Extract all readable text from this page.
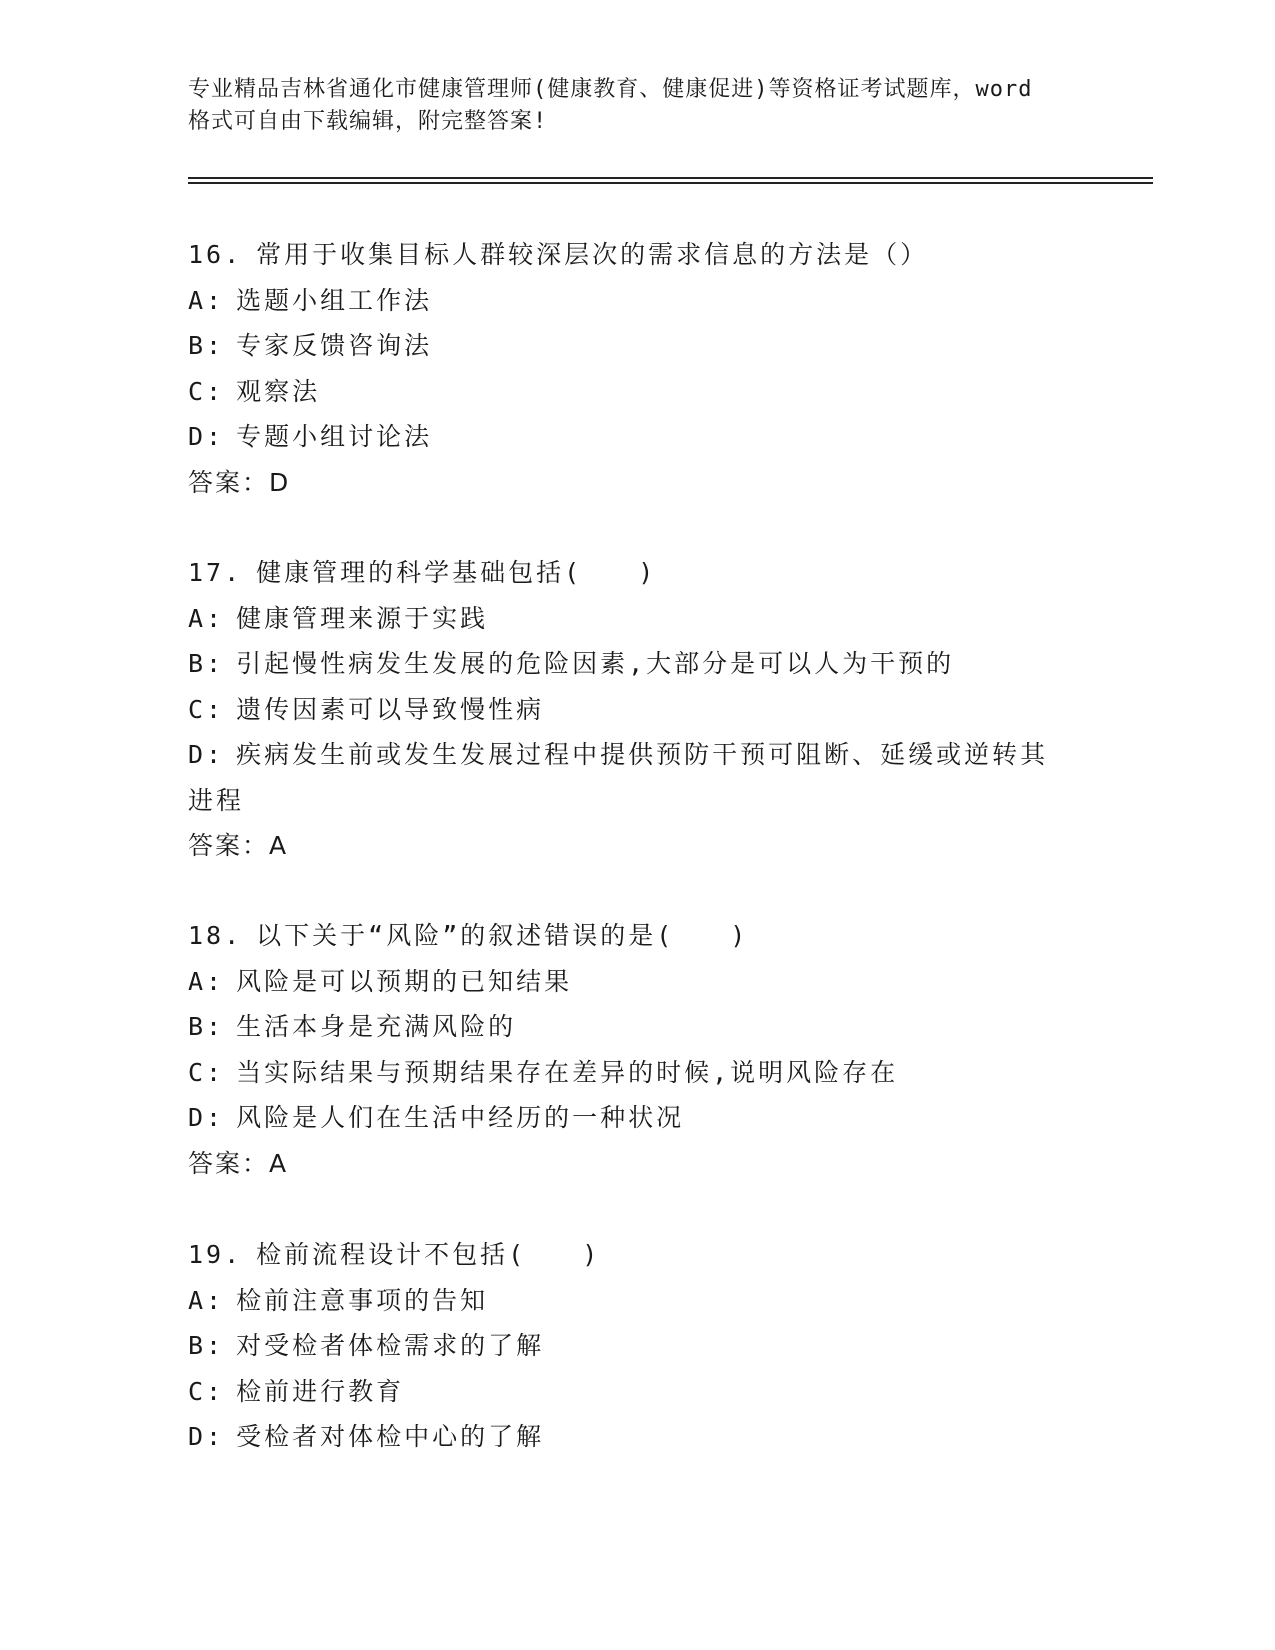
专业精品吉林省通化市健康管理师(健康教育、健康促进)等资格证考试题库，word
格式可自由下载编辑，附完整答案!
16. 常用于收集目标人群较深层次的需求信息的方法是（）
A: 选题小组工作法
B: 专家反馈咨询法
C: 观察法
D: 专题小组讨论法
答案：D
17. 健康管理的科学基础包括(　　)
A: 健康管理来源于实践
B: 引起慢性病发生发展的危险因素,大部分是可以人为干预的
C: 遗传因素可以导致慢性病
D: 疾病发生前或发生发展过程中提供预防干预可阻断、延缓或逆转其
进程
答案：A
18. 以下关于“风险”的叙述错误的是(　　)
A: 风险是可以预期的已知结果
B: 生活本身是充满风险的
C: 当实际结果与预期结果存在差异的时候,说明风险存在
D: 风险是人们在生活中经历的一种状况
答案：A
19. 检前流程设计不包括(　　)
A: 检前注意事项的告知
B: 对受检者体检需求的了解
C: 检前进行教育
D: 受检者对体检中心的了解
